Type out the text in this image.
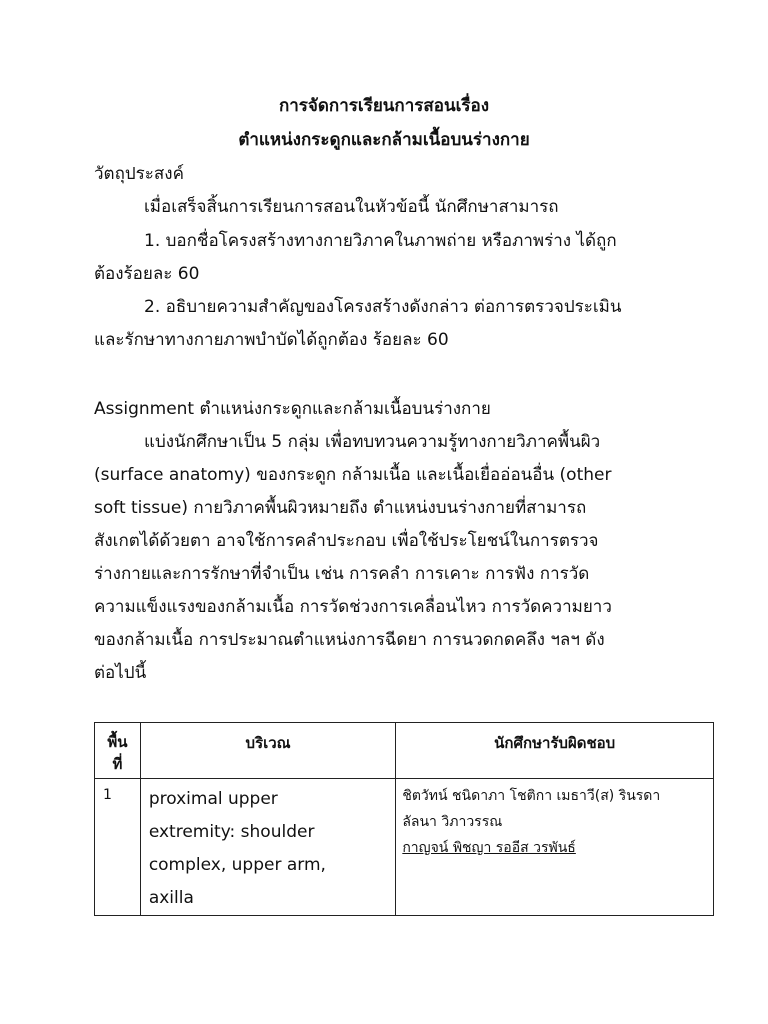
การจัดการเรียนการสอนเรื่อง
ตำแหน่งกระดูกและกล้ามเนื้อบนร่างกาย
วัตถุประสงค์
เมื่อเสร็จสิ้นการเรียนการสอนในหัวข้อนี้ นักศึกษาสามารถ
1. บอกชื่อโครงสร้างทางกายวิภาคในภาพถ่าย หรือภาพร่าง ได้ถูก
ต้องร้อยละ 60
2. อธิบายความสำคัญของโครงสร้างดังกล่าว ต่อการตรวจประเมิน
และรักษาทางกายภาพบำบัดได้ถูกต้อง ร้อยละ 60
Assignment ตำแหน่งกระดูกและกล้ามเนื้อบนร่างกาย
แบ่งนักศึกษาเป็น 5 กลุ่ม เพื่อทบทวนความรู้ทางกายวิภาคพื้นผิว
(surface anatomy) ของกระดูก กล้ามเนื้อ และเนื้อเยื่ออ่อนอื่น (other
soft tissue) กายวิภาคพื้นผิวหมายถึง ตำแหน่งบนร่างกายที่สามารถ
สังเกตได้ด้วยตา อาจใช้การคลำประกอบ เพื่อใช้ประโยชน์ในการตรวจ
ร่างกายและการรักษาที่จำเป็น เช่น การคลำ การเคาะ การฟัง การวัด
ความแข็งแรงของกล้ามเนื้อ การวัดช่วงการเคลื่อนไหว การวัดความยาว
ของกล้ามเนื้อ การประมาณตำแหน่งการฉีดยา การนวดกดคลึง ฯลฯ ดัง
ต่อไปนี้
พื้น
ที่	บริเวณ	นักศึกษารับผิดชอบ
1	proximal upper
extremity: shoulder
complex, upper arm,
axilla	ชิตวัทน์ ชนิดาภา โชติกา เมธาวี(ส) รินรดา
ลัลนา วิภาวรรณ
กาญจน์ พิชญา รออีส วรพันธ์
